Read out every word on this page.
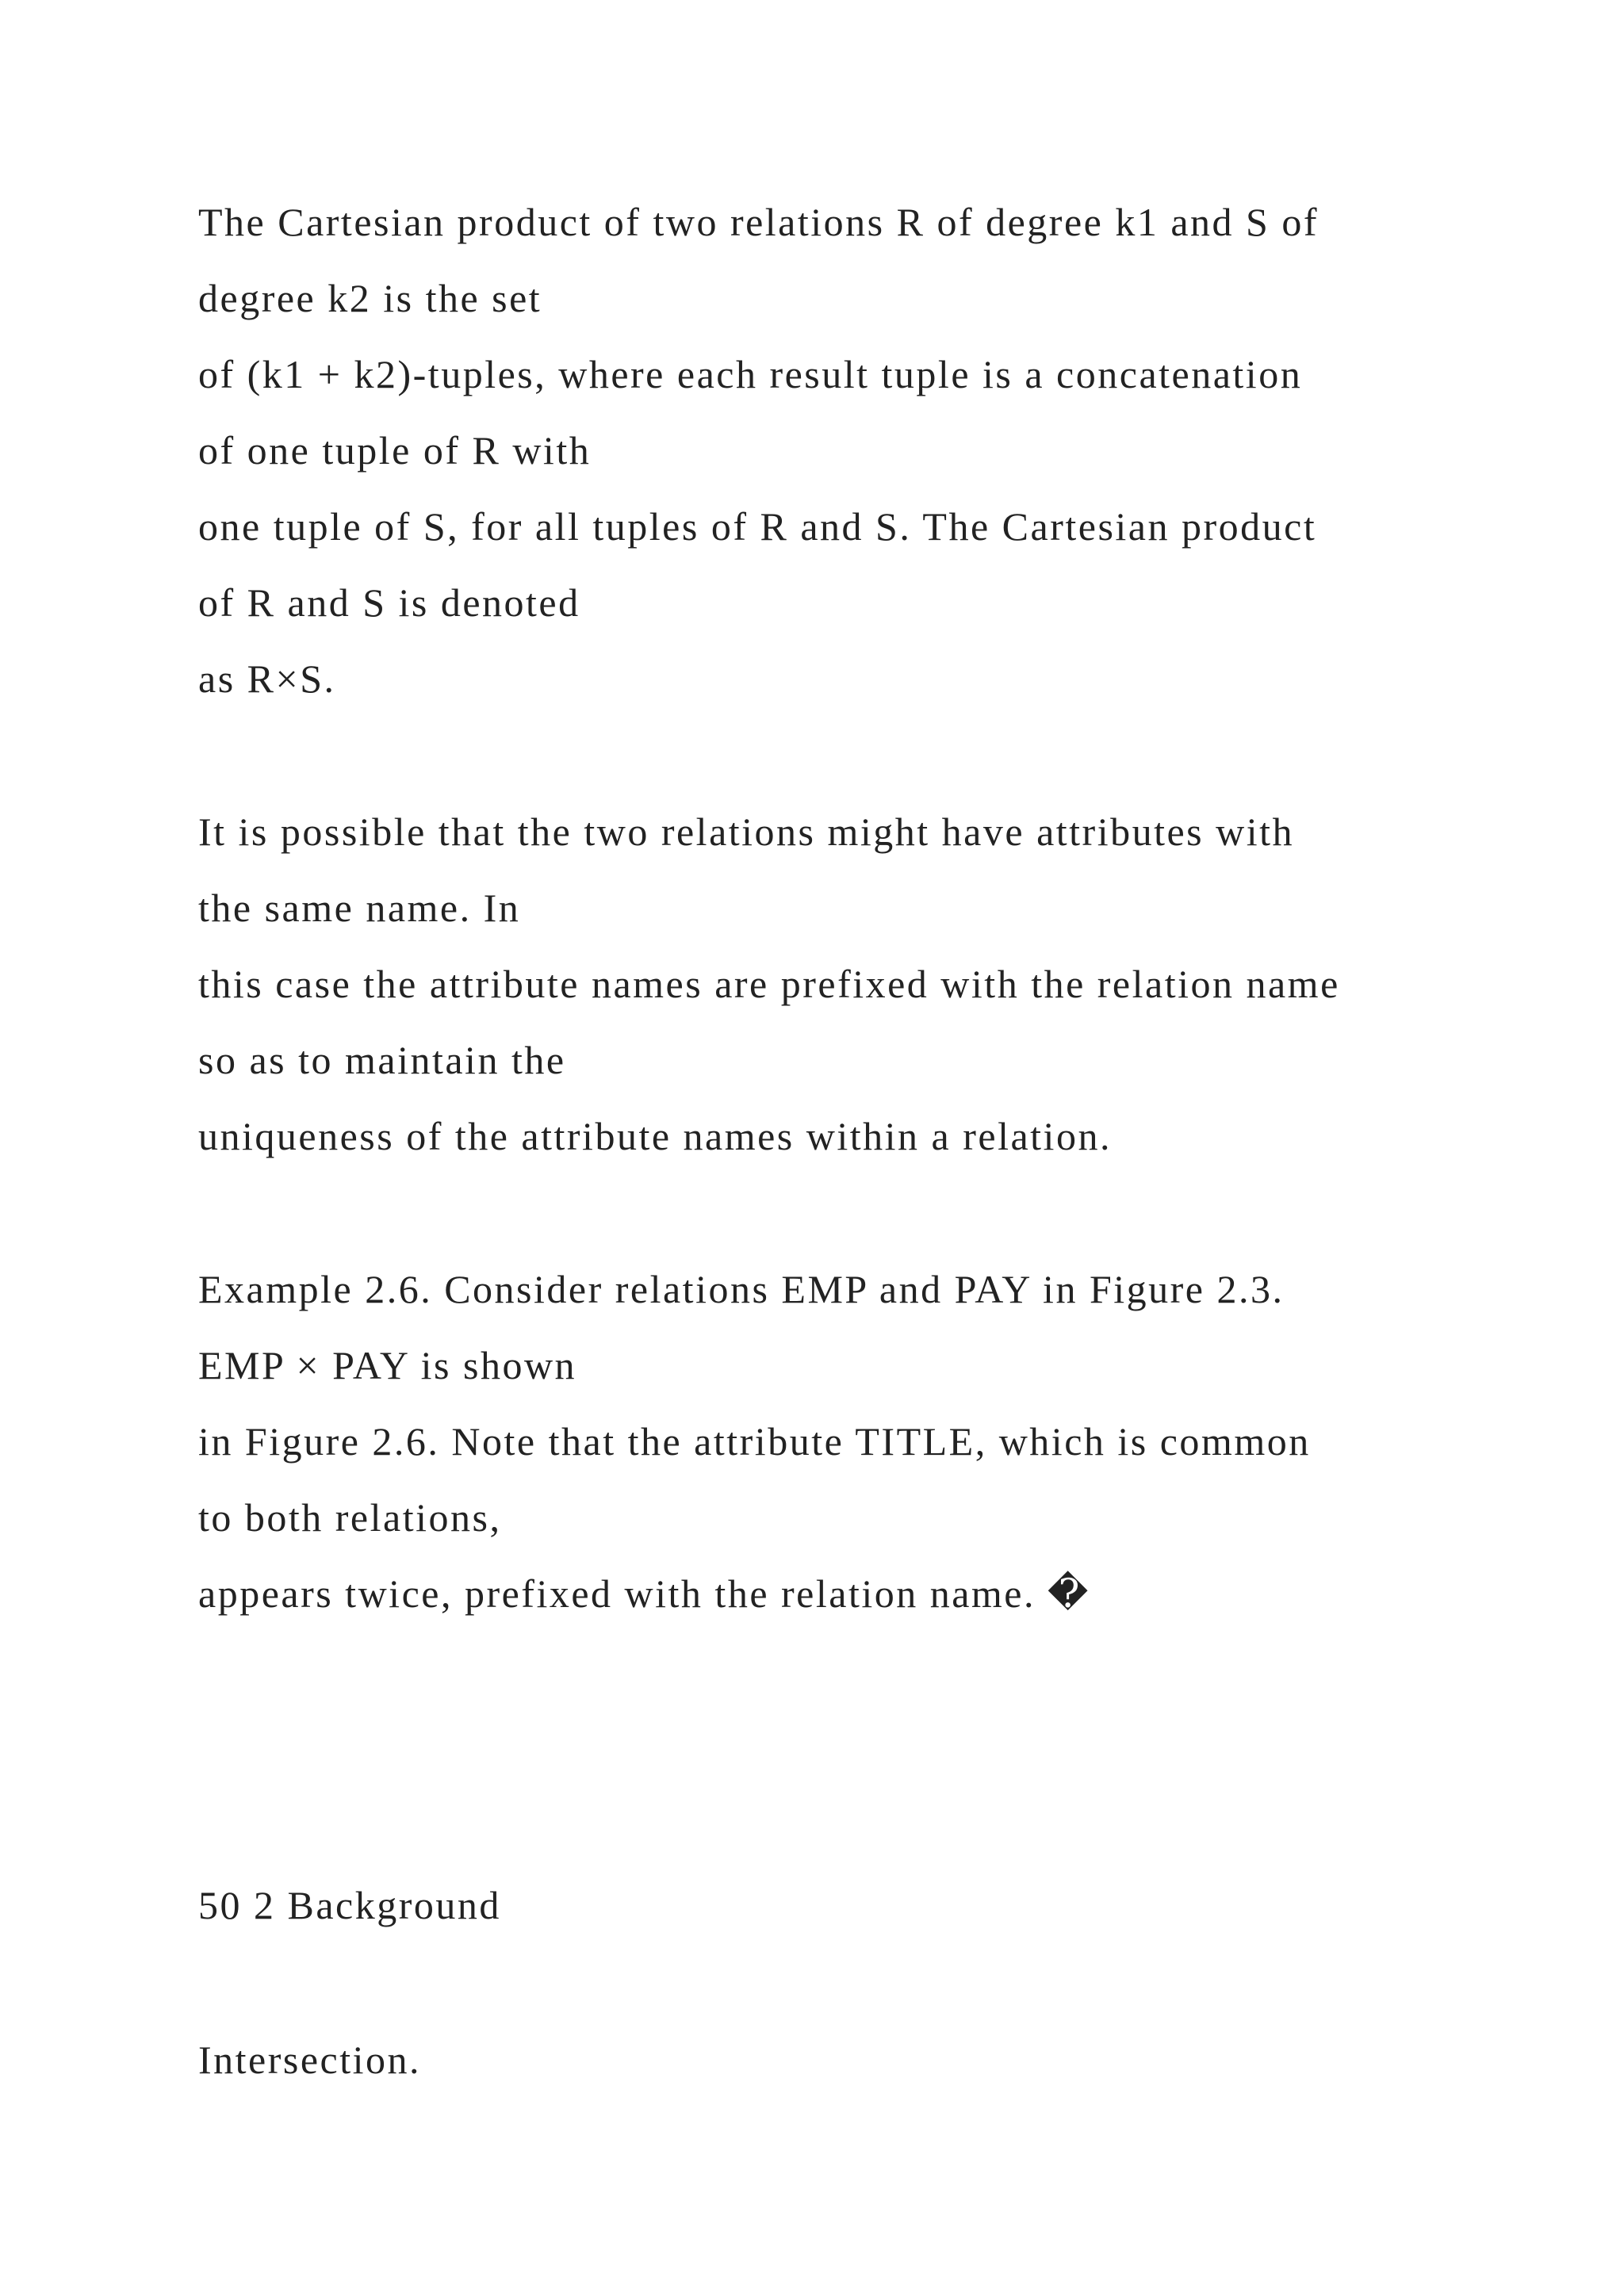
The Cartesian product of two relations R of degree k1 and S of
degree k2 is the set
of (k1 + k2)-tuples, where each result tuple is a concatenation
of one tuple of R with
one tuple of S, for all tuples of R and S. The Cartesian product
of R and S is denoted
as R×S.
It is possible that the two relations might have attributes with
the same name. In
this case the attribute names are prefixed with the relation name
so as to maintain the
uniqueness of the attribute names within a relation.
Example 2.6. Consider relations EMP and PAY in Figure 2.3.
EMP × PAY is shown
in Figure 2.6. Note that the attribute TITLE, which is common
to both relations,
appears twice, prefixed with the relation name. �
50 2 Background
Intersection.
